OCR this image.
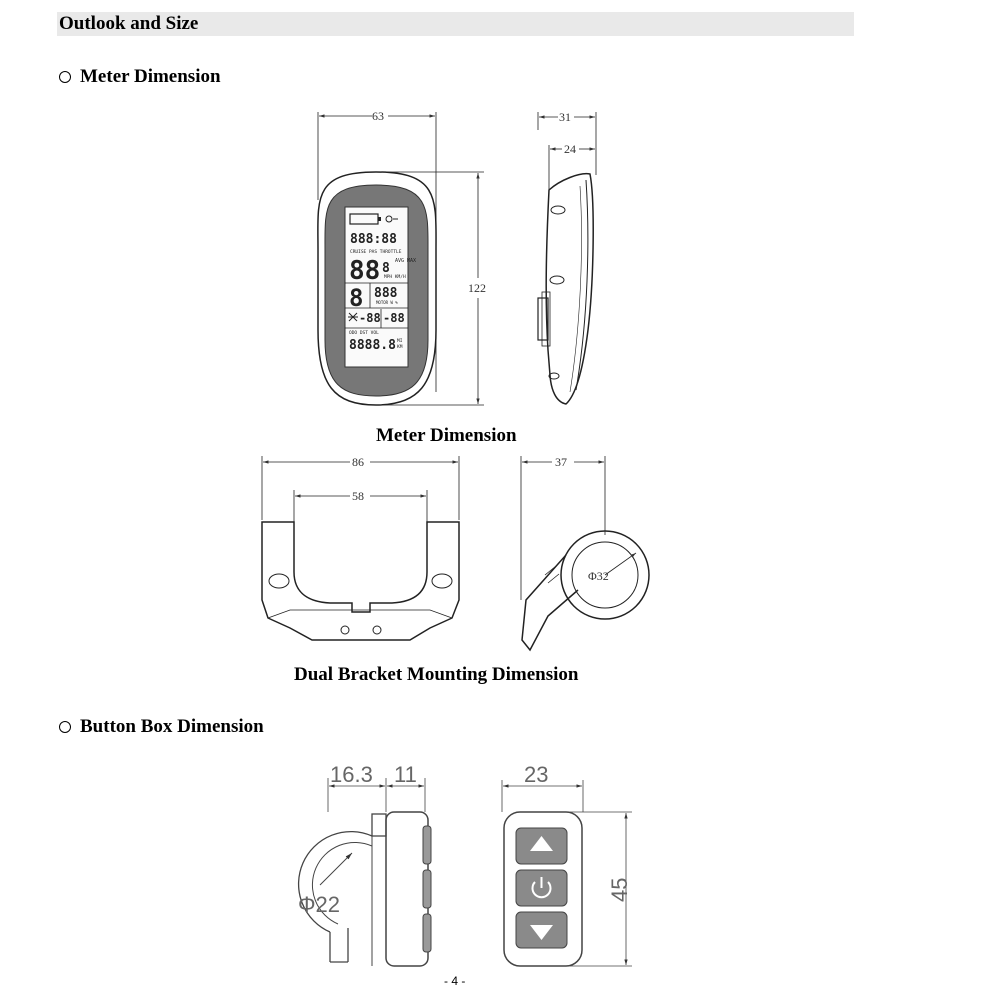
Outlook and Size
Meter Dimension
Meter Dimension
Dual Bracket Mounting Dimension
Button Box Dimension
- 4 -
888:88
CRUISE PAS THROTTLE
88 8 AVG MAX
MPH KM/H
8 888
MOTOR W %
-88 -88
ODO DST VOL
8888.8 MI
KM
63
122
31
24
86
58
37
Φ32
16.3 11
Φ22
23
45
